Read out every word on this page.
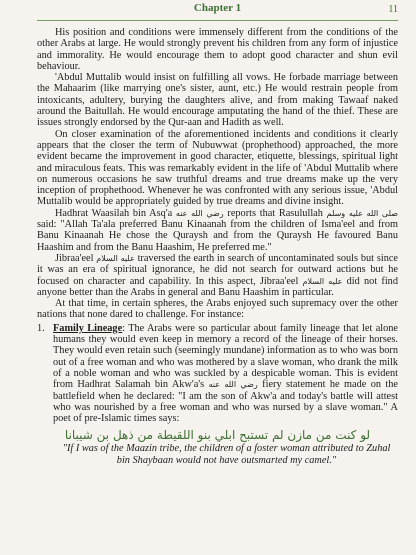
Chapter 1	11

His position and conditions were immensely different from the conditions of the other Arabs at large. He would strongly prevent his children from any form of injustice and immorality. He would encourage them to adopt good character and shun evil behaviour.

'Abdul Muttalib would insist on fulfilling all vows. He forbade marriage between the Mahaarim (like marrying one's sister, aunt, etc.) He would restrain people from intoxicants, adultery, burying the daughters alive, and from making Tawaaf naked around the Baitullah. He would encourage amputating the hand of the thief. These are issues strongly endorsed by the Qur-aan and Hadith as well.

On closer examination of the aforementioned incidents and conditions it clearly appears that the closer the term of Nubuwwat (prophethood) approached, the more evident became the improvement in good character, etiquette, blessings, spiritual light and miraculous feats. This was remarkably evident in the life of 'Abdul Muttalib where on numerous occasions he saw truthful dreams and true dreams make up the very inception of prophethood. Whenever he was confronted with any serious issue, 'Abdul Muttalib would be appropriately guided by true dreams and divine insight.

Hadhrat Waasilah bin Asq'a رضي الله عنه reports that Rasulullah صلى الله عليه وسلم said: "Allah Ta'ala preferred Banu Kinaanah from the children of Isma'eel and from Banu Kinaanah He chose the Quraysh and from the Quraysh He favoured Banu Haashim and from the Banu Haashim, He preferred me."

Jibraa'eel عليه السلام traversed the earth in search of uncontaminated souls but since it was an era of spiritual ignorance, he did not search for outward actions but he focused on character and capability. In this aspect, Jibraa'eel عليه السلام did not find anyone better than the Arabs in general and Banu Haashim in particular.

At that time, in certain spheres, the Arabs enjoyed such supremacy over the other nations that none dared to challenge. For instance:

1. Family Lineage: The Arabs were so particular about family lineage that let alone humans they would even keep in memory a record of the lineage of their horses. They would even retain such (seemingly mundane) information as to who was born out of a free woman and who was mothered by a slave woman, who drank the milk of a noble woman and who was suckled by a despicable woman. This is evident from Hadhrat Salamah bin Akw'a's رضي الله عنه fiery statement he made on the battlefield when he declared: "I am the son of Akw'a and today's battle will attest who was nourished by a free woman and who was nursed by a slave woman." A poet of pre-Islamic times says:

لو كنت من مازن لم تستبح ابلي بنو اللقيطة من ذهل بن شيبانا

"If I was of the Maazin tribe, the children of a foster woman attributed to Zuhal bin Shaybaan would not have outsmarted my camel."
